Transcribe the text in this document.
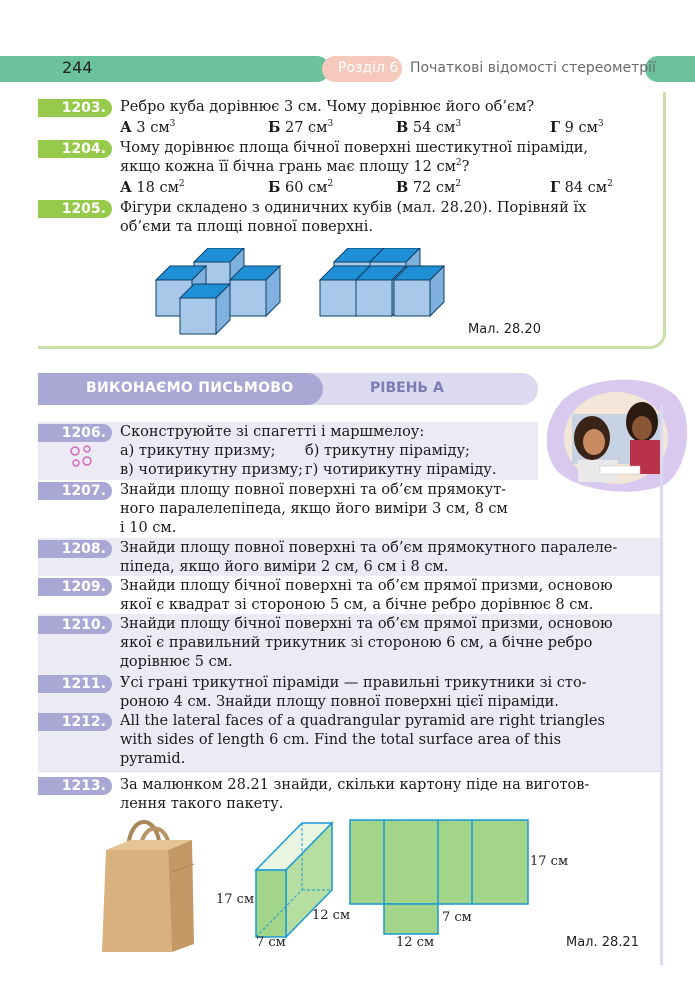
244	Розділ 6 Початкові відомості стереометрії
1203. Ребро куба дорівнює 3 см. Чому дорівнює його об’єм?
А 3 $см^3$	Б 27 $см^3$	В 54 $см^3$	Г 9 $см^3$
1204. Чому дорівнює площа бічної поверхні шестикутної піраміди,
якщо кожна її бічна грань має площу 12 $см^2$?
А 18 $см^2$	Б 60 $см^2$	В 72 $см^2$	Г 84 $см^2$
1205. Фігури складено з одиничних кубів (мал. 28.20). Порівняй їх
об’єми та площі повної поверхні.
Мал. 28.20
РІВЕНЬ А
ВИКОНАЄМО ПИСЬМОВО
1206. Сконструюйте зі спагетті і маршмелоу:
а) трикутну призму; б) трикутну піраміду;
в) чотирикутну призму; г) чотирикутну піраміду.
1207. Знайди площу повної поверхні та об’єм прямокут-
ного паралелепіпеда, якщо його виміри 3 см, 8 см
і 10 см.
1208. Знайди площу повної поверхні та об’єм прямокутного паралеле-
піпеда, якщо його виміри 2 см, 6 см і 8 см.
1209. Знайди площу бічної поверхні та об’єм прямої призми, основою
якої є квадрат зі стороною 5 см, а бічне ребро дорівнює 8 см.
1210. Знайди площу бічної поверхні та об’єм прямої призми, основою
якої є правильний трикутник зі стороною 6 см, а бічне ребро
дорівнює 5 см.
1211. Усі грані трикутної піраміди — правильні трикутники зі сто-
роною 4 см. Знайди площу повної поверхні цієї піраміди.
1212. All the lateral faces of a quadrangular pyramid are right triangles
with sides of length 6 cm. Find the total surface area of this
pyramid.
1213. За малюнком 28.21 знайди, скільки картону піде на виготов-
лення такого пакету.
17 см
12 см
7 см
17 см
7 см
12 см	Мал. 28.21
